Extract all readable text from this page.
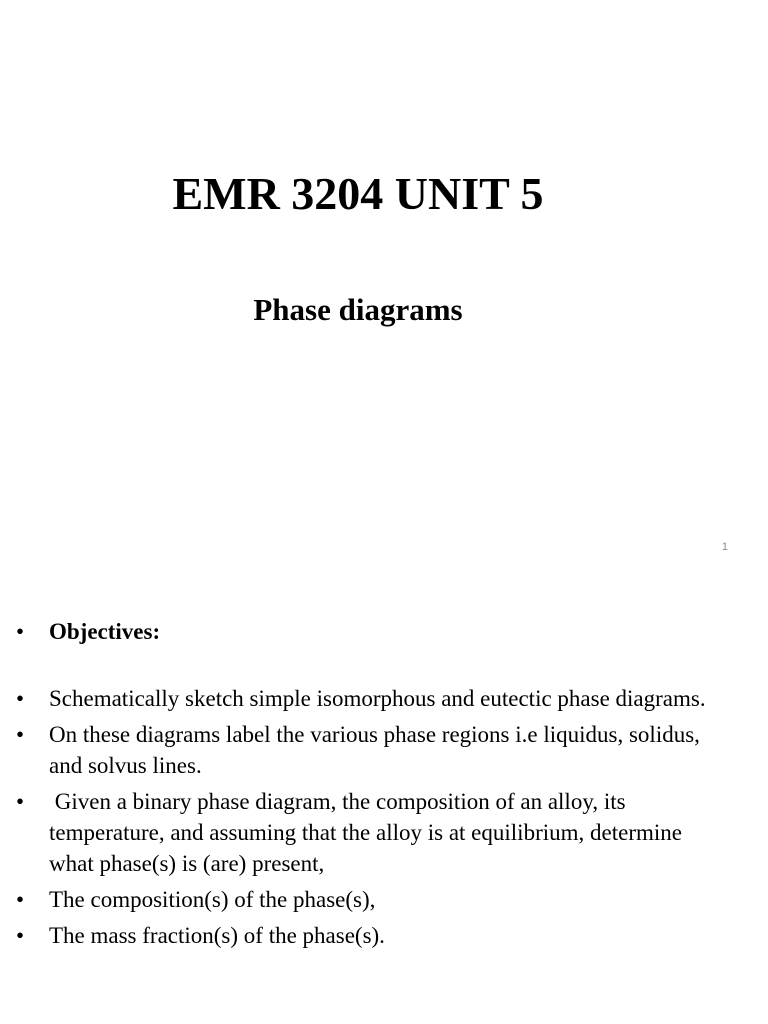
EMR 3204 UNIT 5
Phase diagrams
1
• Objectives:
• Schematically sketch simple isomorphous and eutectic phase diagrams.
• On these diagrams label the various phase regions i.e liquidus, solidus, and solvus lines.
• Given a binary phase diagram, the composition of an alloy, its temperature, and assuming that the alloy is at equilibrium, determine what phase(s) is (are) present,
• The composition(s) of the phase(s),
• The mass fraction(s) of the phase(s).
